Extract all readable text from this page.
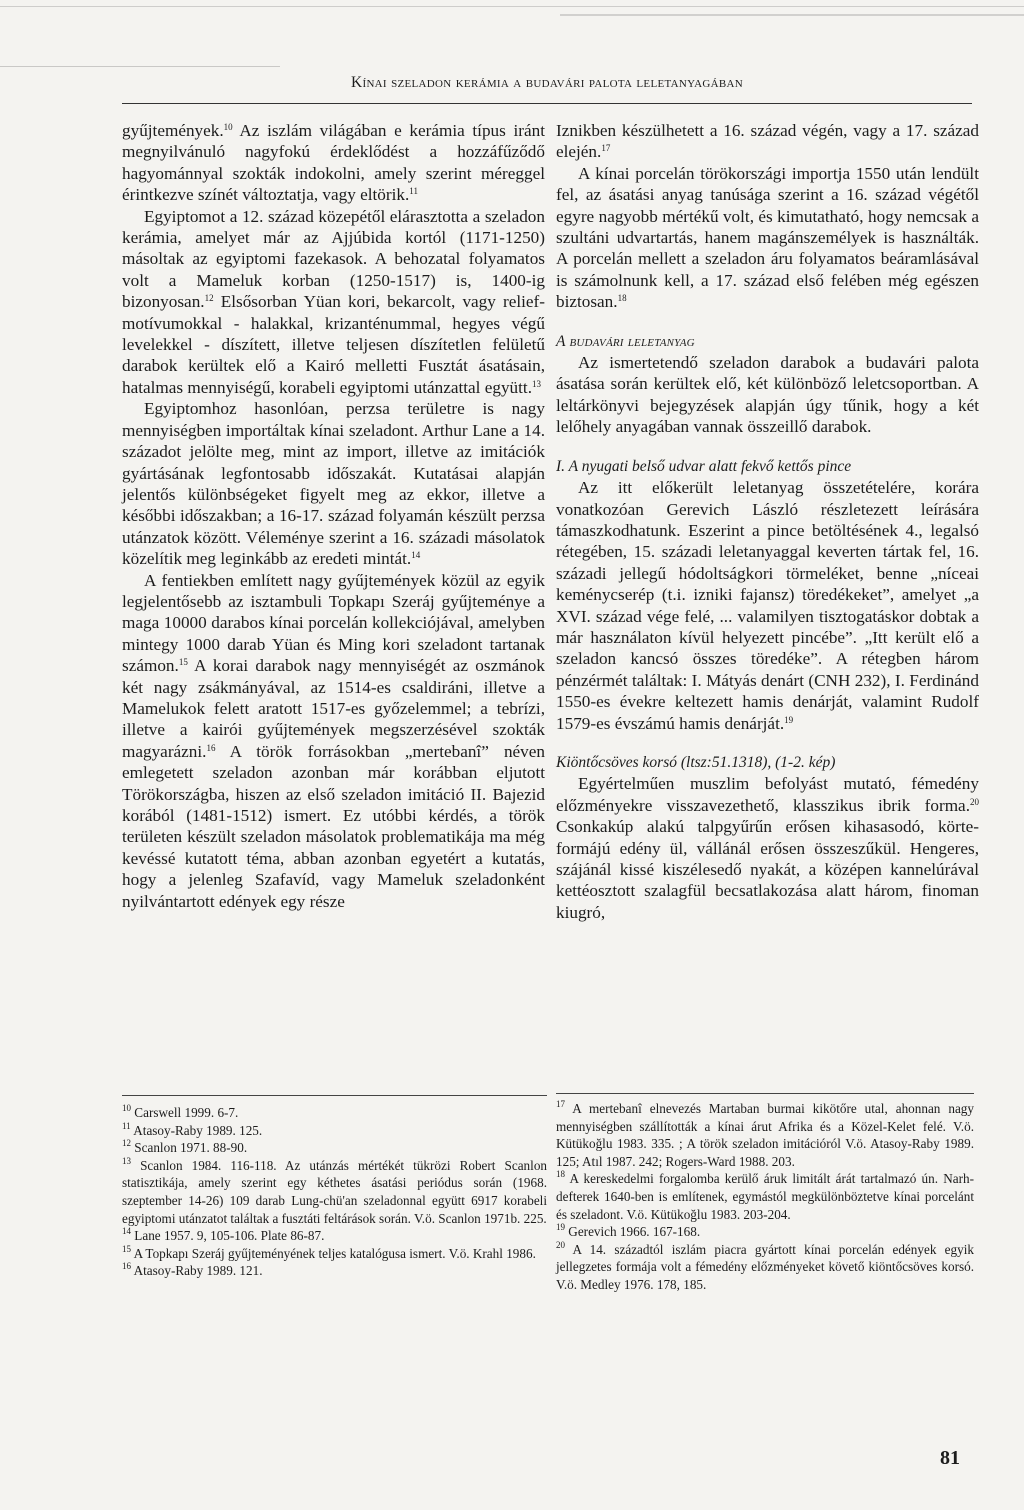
Kínai szeladon kerámia a budavári palota leletanyagában

gyűjtemények.$^{10}$ Az iszlám világában e kerámia típus iránt megnyilvánuló nagyfokú érdeklődést a hozzáfűződő hagyománnyal szokták indokolni, amely szerint méreggel érintkezve színét változtatja, vagy eltörik.$^{11}$

Egyiptomot a 12. század közepétől elárasztotta a szeladon kerámia, amelyet már az Ajjúbida kortól (1171-1250) másoltak az egyiptomi fazekasok. A behozatal folyamatos volt a Mameluk korban (1250-1517) is, 1400-ig bizonyosan.$^{12}$ Elsősorban Yüan kori, bekarcolt, vagy relief-motívumokkal - halakkal, krizanténummal, hegyes végű levelekkel - díszített, illetve teljesen díszítetlen felületű darabok kerültek elő a Kairó melletti Fusztát ásatásain, hatalmas mennyiségű, korabeli egyiptomi utánzattal együtt.$^{13}$

Egyiptomhoz hasonlóan, perzsa területre is nagy mennyiségben importáltak kínai szeladont. Arthur Lane a 14. századot jelölte meg, mint az import, illetve az imitációk gyártásának legfontosabb időszakát. Kutatásai alapján jelentős különbségeket figyelt meg az ekkor, illetve a későbbi időszakban; a 16-17. század folyamán készült perzsa utánzatok között. Véleménye szerint a 16. századi másolatok közelítik meg leginkább az eredeti mintát.$^{14}$

A fentiekben említett nagy gyűjtemények közül az egyik legjelentősebb az isztambuli Topkapı Szeráj gyűjteménye a maga 10000 darabos kínai porcelán kollekciójával, amelyben mintegy 1000 darab Yüan és Ming kori szeladont tartanak számon.$^{15}$ A korai darabok nagy mennyiségét az oszmánok két nagy zsákmányával, az 1514-es csaldiráni, illetve a Mamelukok felett aratott 1517-es győzelemmel; a tebrízi, illetve a kairói gyűjtemények megszerzésével szokták magyarázni.$^{16}$ A török forrásokban „mertebanî” néven emlegetett szeladon azonban már korábban eljutott Törökországba, hiszen az első szeladon imitáció II. Bajezid korából (1481-1512) ismert. Ez utóbbi kérdés, a török területen készült szeladon másolatok problematikája ma még kevéssé kutatott téma, abban azonban egyetért a kutatás, hogy a jelenleg Szafavíd, vagy Mameluk szeladonként nyilvántartott edények egy része

Iznikben készülhetett a 16. század végén, vagy a 17. század elején.$^{17}$

A kínai porcelán törökországi importja 1550 után lendült fel, az ásatási anyag tanúsága szerint a 16. század végétől egyre nagyobb mértékű volt, és kimutatható, hogy nemcsak a szultáni udvartartás, hanem magánszemélyek is használták. A porcelán mellett a szeladon áru folyamatos beáramlásával is számolnunk kell, a 17. század első felében még egészen biztosan.$^{18}$

A budavári leletanyag

Az ismertetendő szeladon darabok a budavári palota ásatása során kerültek elő, két különböző leletcsoportban. A leltárkönyvi bejegyzések alapján úgy tűnik, hogy a két lelőhely anyagában vannak összeillő darabok.

I. A nyugati belső udvar alatt fekvő kettős pince

Az itt előkerült leletanyag összetételére, korára vonatkozóan Gerevich László részletezett leírására támaszkodhatunk. Eszerint a pince betöltésének 4., legalsó rétegében, 15. századi leletanyaggal keverten tártak fel, 16. századi jellegű hódoltságkori törmeléket, benne „níceai keménycserép (t.i. izniki fajansz) töredékeket”, amelyet „a XVI. század vége felé, ... valamilyen tisztogatáskor dobtak a már használaton kívül helyezett pincébe”. „Itt került elő a szeladon kancsó összes töredéke”. A rétegben három pénzérmét találtak: I. Mátyás denárt (CNH 232), I. Ferdinánd 1550-es évekre keltezett hamis denárját, valamint Rudolf 1579-es évszámú hamis denárját.$^{19}$

Kiöntőcsöves korsó (ltsz:51.1318), (1-2. kép)

Egyértelműen muszlim befolyást mutató, fémedény előzményekre visszavezethető, klasszikus ibrik forma.$^{20}$ Csonkakúp alakú talpgyűrűn erősen kihasasodó, körte-formájú edény ül, vállánál erősen összeszűkül. Hengeres, szájánál kissé kiszélesedő nyakát, a középen kannelúrával kettéosztott szalagfül becsatlakozása alatt három, finoman kiugró,

$^{10}$ Carswell 1999. 6-7.
$^{11}$ Atasoy-Raby 1989. 125.
$^{12}$ Scanlon 1971. 88-90.
$^{13}$ Scanlon 1984. 116-118. Az utánzás mértékét tükrözi Robert Scanlon statisztikája, amely szerint egy kéthetes ásatási periódus során (1968. szeptember 14-26) 109 darab Lung-chü'an szeladonnal együtt 6917 korabeli egyiptomi utánzatot találtak a fusztáti feltárások során. V.ö. Scanlon 1971b. 225.
$^{14}$ Lane 1957. 9, 105-106. Plate 86-87.
$^{15}$ A Topkapı Szeráj gyűjteményének teljes katalógusa ismert. V.ö. Krahl 1986.
$^{16}$ Atasoy-Raby 1989. 121.
$^{17}$ A mertebanî elnevezés Martaban burmai kikötőre utal, ahonnan nagy mennyiségben szállították a kínai árut Afrika és a Közel-Kelet felé. V.ö. Kütükoğlu 1983. 335. ; A török szeladon imitációról V.ö. Atasoy-Raby 1989. 125; Atıl 1987. 242; Rogers-Ward 1988. 203.
$^{18}$ A kereskedelmi forgalomba kerülő áruk limitált árát tartalmazó ún. Narh-defterek 1640-ben is említenek, egymástól megkülönböztetve kínai porcelánt és szeladont. V.ö. Kütükoğlu 1983. 203-204.
$^{19}$ Gerevich 1966. 167-168.
$^{20}$ A 14. századtól iszlám piacra gyártott kínai porcelán edények egyik jellegzetes formája volt a fémedény előzményeket követő kiöntőcsöves korsó. V.ö. Medley 1976. 178, 185.
81
